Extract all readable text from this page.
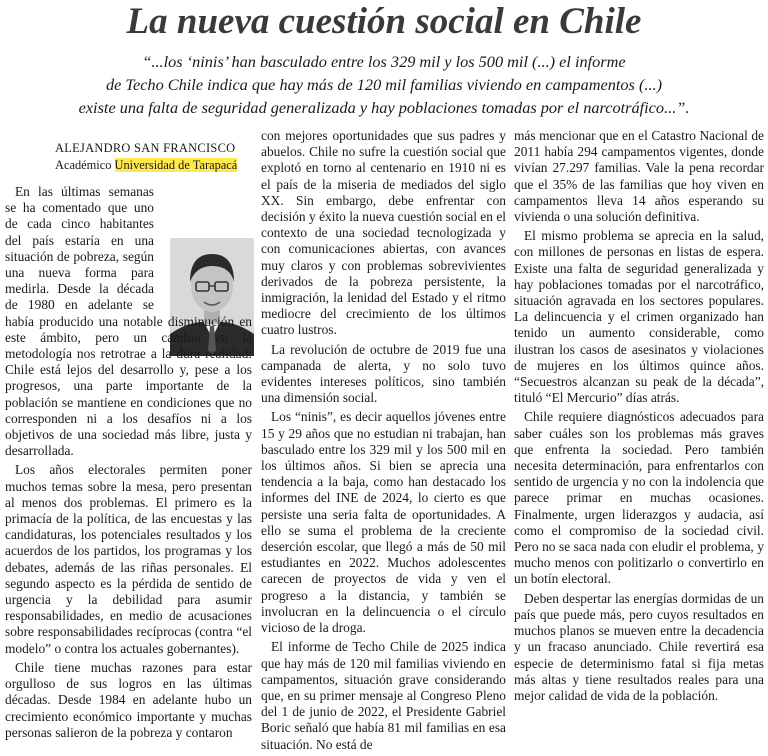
La nueva cuestión social en Chile

“...los ‘ninis’ han basculado entre los 329 mil y los 500 mil (...) el informe

de Techo Chile indica que hay más de 120 mil familias viviendo en campamentos (...)

existe una falta de seguridad generalizada y hay poblaciones tomadas por el narcotráfico...”.

ALEJANDRO SAN FRANCISCO
Académico Universidad de Tarapacá

En las últimas semanas se ha comentado que uno de cada cinco habitantes del país estaría en una situación de pobreza, según una nueva forma para medirla. Desde la década de 1980 en adelante se había producido una notable disminución en este ámbito, pero un cambio en la metodología nos retrotrae a la dura realidad: Chile está lejos del desarrollo y, pese a los progresos, una parte importante de la población se mantiene en condiciones que no corresponden ni a los desafíos ni a los objetivos de una sociedad más libre, justa y desarrollada.

Los años electorales permiten poner muchos temas sobre la mesa, pero presentan al menos dos problemas. El primero es la primacía de la política, de las encuestas y las candidaturas, los potenciales resultados y los acuerdos de los partidos, los programas y los debates, además de las riñas personales. El segundo aspecto es la pérdida de sentido de urgencia y la debilidad para asumir responsabilidades, en medio de acusaciones sobre responsabilidades recíprocas (contra “el modelo” o contra los actuales gobernantes).

Chile tiene muchas razones para estar orgulloso de sus logros en las últimas décadas. Desde 1984 en adelante hubo un crecimiento económico importante y muchas personas salieron de la pobreza y contaron

con mejores oportunidades que sus padres y abuelos. Chile no sufre la cuestión social que explotó en torno al centenario en 1910 ni es el país de la miseria de mediados del siglo XX. Sin embargo, debe enfrentar con decisión y éxito la nueva cuestión social en el contexto de una sociedad tecnologizada y con comunicaciones abiertas, con avances muy claros y con problemas sobrevivientes derivados de la pobreza persistente, la inmigración, la lenidad del Estado y el ritmo mediocre del crecimiento de los últimos cuatro lustros.

La revolución de octubre de 2019 fue una campanada de alerta, y no solo tuvo evidentes intereses políticos, sino también una dimensión social.

Los “ninis”, es decir aquellos jóvenes entre 15 y 29 años que no estudian ni trabajan, han basculado entre los 329 mil y los 500 mil en los últimos años. Si bien se aprecia una tendencia a la baja, como han destacado los informes del INE de 2024, lo cierto es que persiste una seria falta de oportunidades. A ello se suma el problema de la creciente deserción escolar, que llegó a más de 50 mil estudiantes en 2022. Muchos adolescentes carecen de proyectos de vida y ven el progreso a la distancia, y también se involucran en la delincuencia o el círculo vicioso de la droga.

El informe de Techo Chile de 2025 indica que hay más de 120 mil familias viviendo en campamentos, situación grave considerando que, en su primer mensaje al Congreso Pleno del 1 de junio de 2022, el Presidente Gabriel Boric señaló que había 81 mil familias en esa situación. No está de

más mencionar que en el Catastro Nacional de 2011 había 294 campamentos vigentes, donde vivían 27.297 familias. Vale la pena recordar que el 35% de las familias que hoy viven en campamentos lleva 14 años esperando su vivienda o una solución definitiva.

El mismo problema se aprecia en la salud, con millones de personas en listas de espera. Existe una falta de seguridad generalizada y hay poblaciones tomadas por el narcotráfico, situación agravada en los sectores populares. La delincuencia y el crimen organizado han tenido un aumento considerable, como ilustran los casos de asesinatos y violaciones de mujeres en los últimos quince años. “Secuestros alcanzan su peak de la década”, tituló “El Mercurio” días atrás.

Chile requiere diagnósticos adecuados para saber cuáles son los problemas más graves que enfrenta la sociedad. Pero también necesita determinación, para enfrentarlos con sentido de urgencia y no con la indolencia que parece primar en muchas ocasiones. Finalmente, urgen liderazgos y audacia, así como el compromiso de la sociedad civil. Pero no se saca nada con eludir el problema, y mucho menos con politizarlo o convertirlo en un botín electoral.

Deben despertar las energías dormidas de un país que puede más, pero cuyos resultados en muchos planos se mueven entre la decadencia y un fracaso anunciado. Chile revertirá esa especie de determinismo fatal si fija metas más altas y tiene resultados reales para una mejor calidad de vida de la población.
